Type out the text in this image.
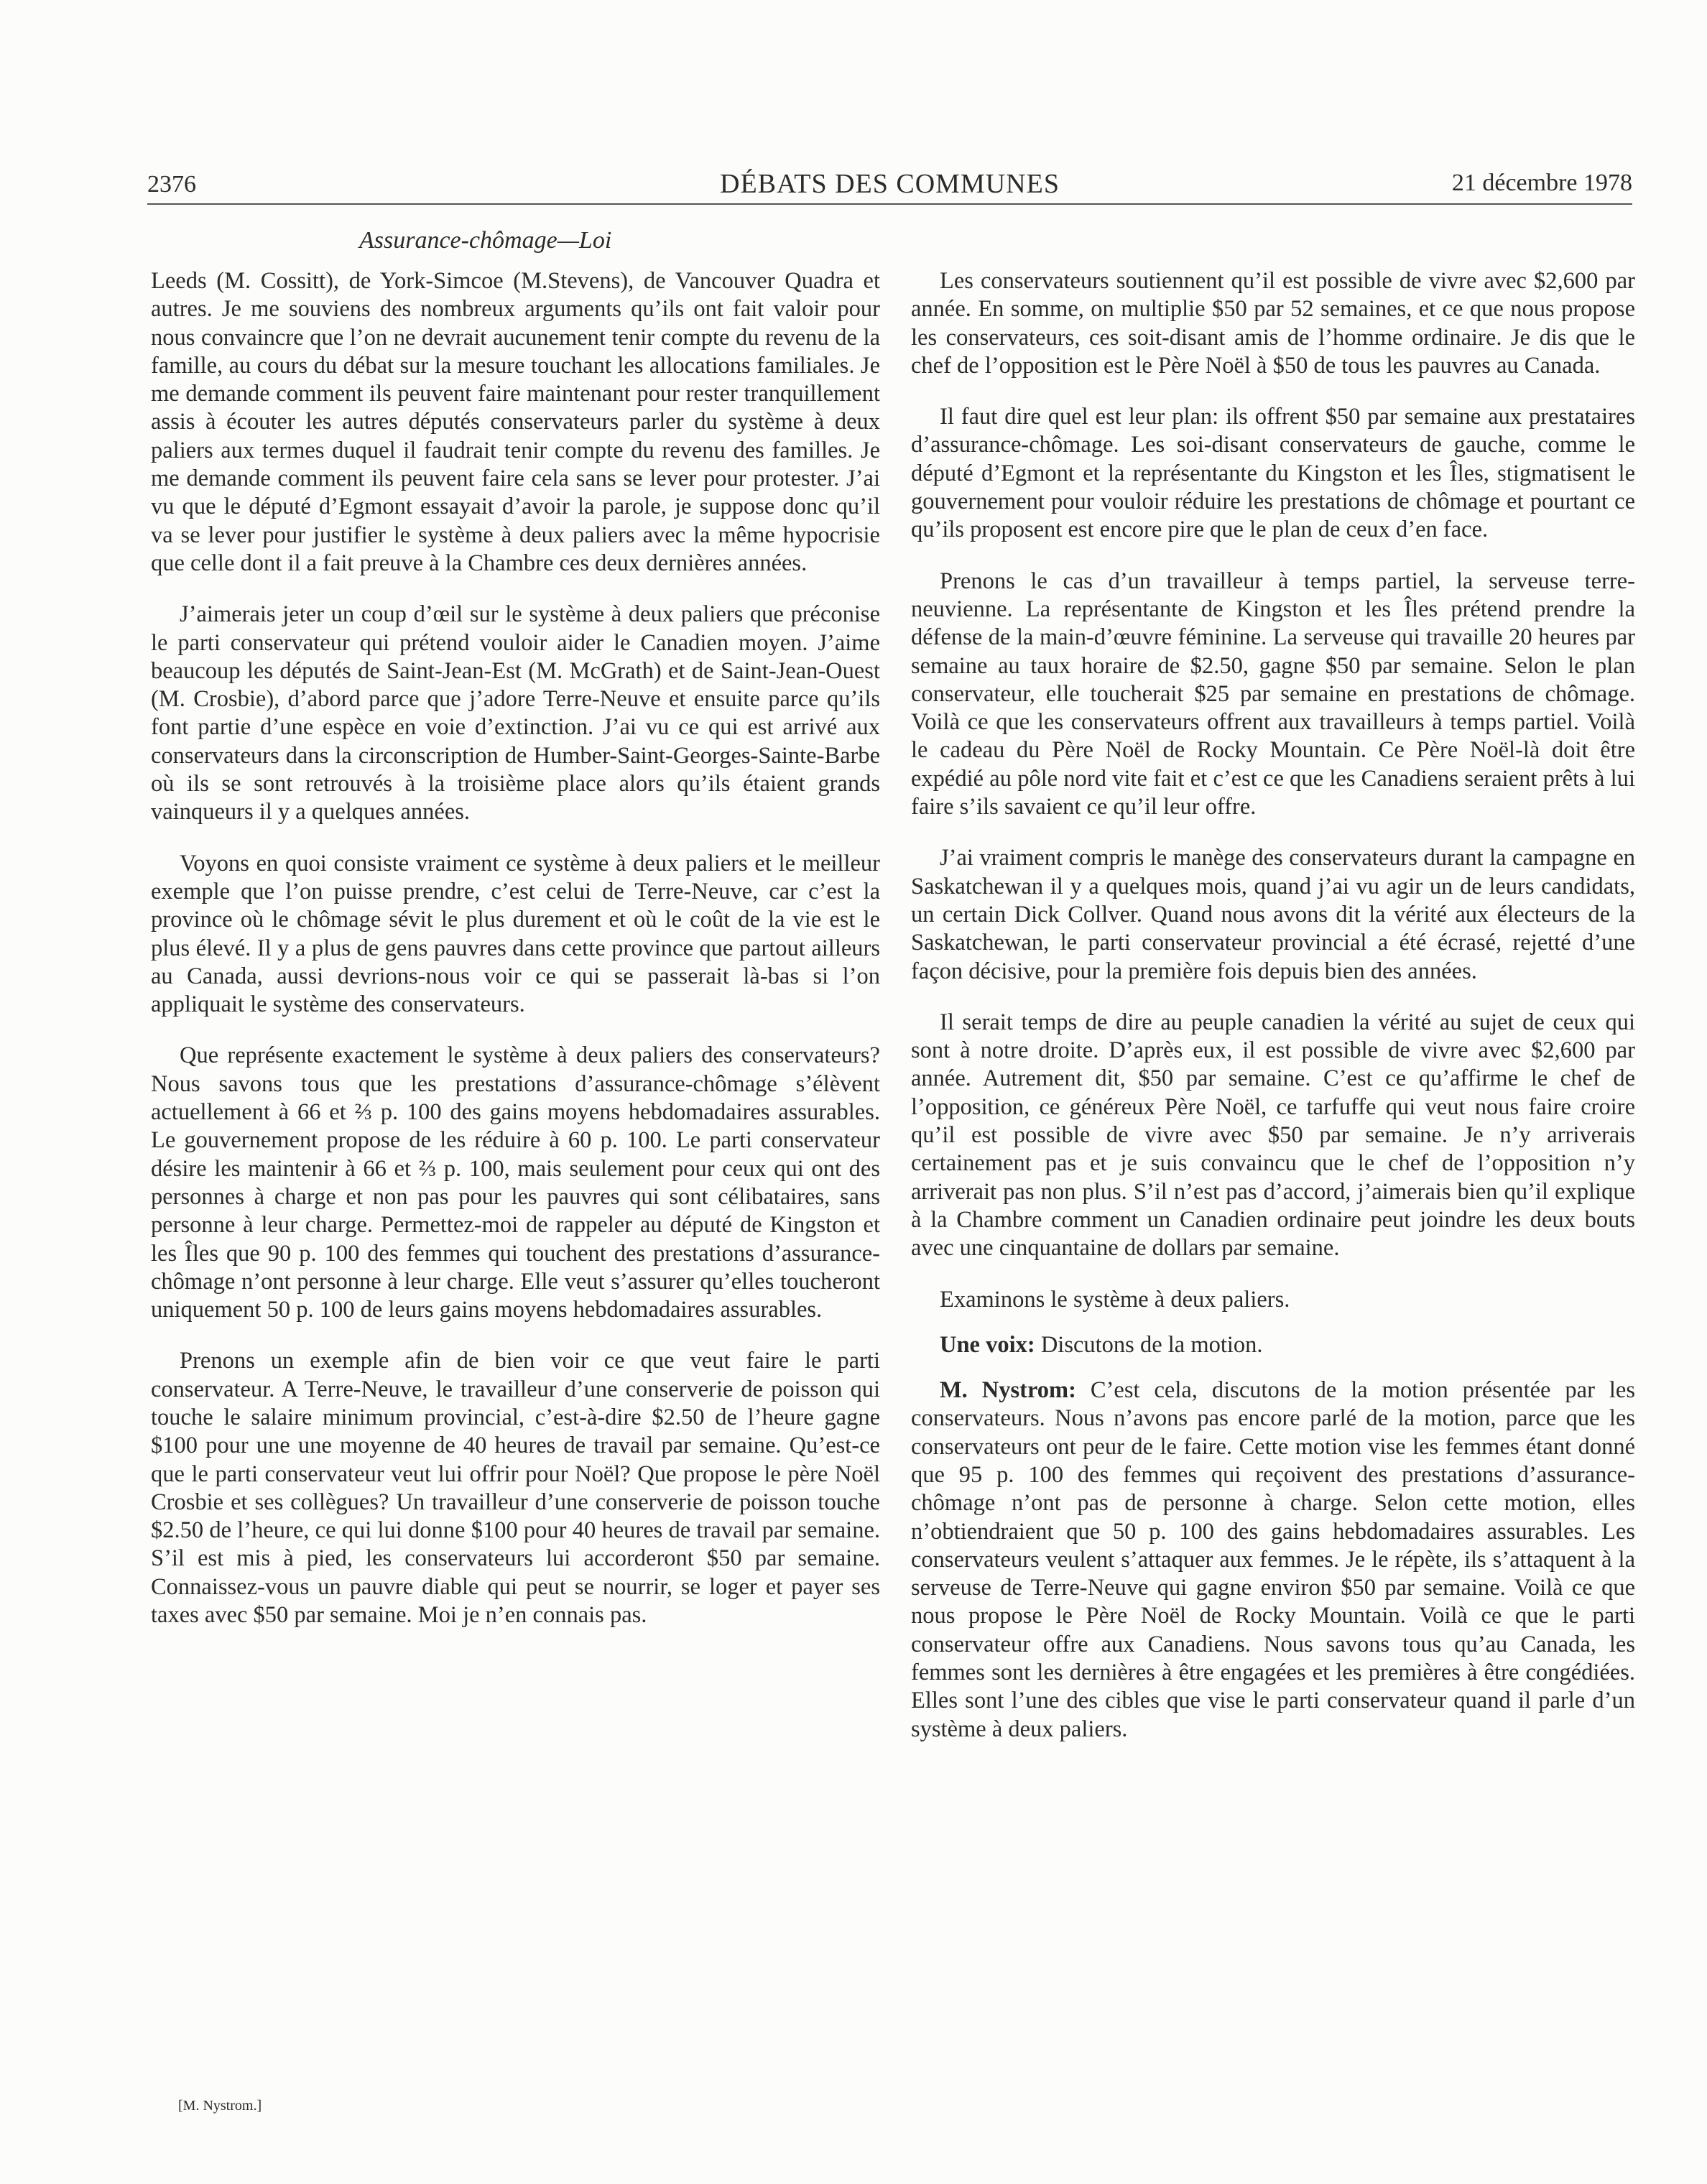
2376	DÉBATS DES COMMUNES	21 décembre 1978
Assurance-chômage—Loi

Leeds (M. Cossitt), de York-Simcoe (M.Stevens), de Vancouver Quadra et autres. Je me souviens des nombreux arguments qu’ils ont fait valoir pour nous convaincre que l’on ne devrait aucunement tenir compte du revenu de la famille, au cours du débat sur la mesure touchant les allocations familiales. Je me demande comment ils peuvent faire maintenant pour rester tranquillement assis à écouter les autres députés conservateurs parler du système à deux paliers aux termes duquel il faudrait tenir compte du revenu des familles. Je me demande comment ils peuvent faire cela sans se lever pour protester. J’ai vu que le député d’Egmont essayait d’avoir la parole, je suppose donc qu’il va se lever pour justifier le système à deux paliers avec la même hypocrisie que celle dont il a fait preuve à la Chambre ces deux dernières années.

J’aimerais jeter un coup d’œil sur le système à deux paliers que préconise le parti conservateur qui prétend vouloir aider le Canadien moyen. J’aime beaucoup les députés de Saint-Jean-Est (M. McGrath) et de Saint-Jean-Ouest (M. Crosbie), d’abord parce que j’adore Terre-Neuve et ensuite parce qu’ils font partie d’une espèce en voie d’extinction. J’ai vu ce qui est arrivé aux conservateurs dans la circonscription de Humber-Saint-Georges-Sainte-Barbe où ils se sont retrouvés à la troisième place alors qu’ils étaient grands vainqueurs il y a quelques années.

Voyons en quoi consiste vraiment ce système à deux paliers et le meilleur exemple que l’on puisse prendre, c’est celui de Terre-Neuve, car c’est la province où le chômage sévit le plus durement et où le coût de la vie est le plus élevé. Il y a plus de gens pauvres dans cette province que partout ailleurs au Canada, aussi devrions-nous voir ce qui se passerait là-bas si l’on appliquait le système des conservateurs.

Que représente exactement le système à deux paliers des conservateurs? Nous savons tous que les prestations d’assurance-chômage s’élèvent actuellement à 66 et ⅔ p. 100 des gains moyens hebdomadaires assurables. Le gouvernement propose de les réduire à 60 p. 100. Le parti conservateur désire les maintenir à 66 et ⅔ p. 100, mais seulement pour ceux qui ont des personnes à charge et non pas pour les pauvres qui sont célibataires, sans personne à leur charge. Permettez-moi de rappeler au député de Kingston et les Îles que 90 p. 100 des femmes qui touchent des prestations d’assurance-chômage n’ont personne à leur charge. Elle veut s’assurer qu’elles toucheront uniquement 50 p. 100 de leurs gains moyens hebdomadaires assurables.

Prenons un exemple afin de bien voir ce que veut faire le parti conservateur. A Terre-Neuve, le travailleur d’une conserverie de poisson qui touche le salaire minimum provincial, c’est-à-dire $2.50 de l’heure gagne $100 pour une une moyenne de 40 heures de travail par semaine. Qu’est-ce que le parti conservateur veut lui offrir pour Noël? Que propose le père Noël Crosbie et ses collègues? Un travailleur d’une conserverie de poisson touche $2.50 de l’heure, ce qui lui donne $100 pour 40 heures de travail par semaine. S’il est mis à pied, les conservateurs lui accorderont $50 par semaine. Connaissez-vous un pauvre diable qui peut se nourrir, se loger et payer ses taxes avec $50 par semaine. Moi je n’en connais pas.

[M. Nystrom.]

Les conservateurs soutiennent qu’il est possible de vivre avec $2,600 par année. En somme, on multiplie $50 par 52 semaines, et ce que nous propose les conservateurs, ces soit-disant amis de l’homme ordinaire. Je dis que le chef de l’opposition est le Père Noël à $50 de tous les pauvres au Canada.

Il faut dire quel est leur plan: ils offrent $50 par semaine aux prestataires d’assurance-chômage. Les soi-disant conservateurs de gauche, comme le député d’Egmont et la représentante du Kingston et les Îles, stigmatisent le gouvernement pour vouloir réduire les prestations de chômage et pourtant ce qu’ils proposent est encore pire que le plan de ceux d’en face.

Prenons le cas d’un travailleur à temps partiel, la serveuse terre-neuvienne. La représentante de Kingston et les Îles prétend prendre la défense de la main-d’œuvre féminine. La serveuse qui travaille 20 heures par semaine au taux horaire de $2.50, gagne $50 par semaine. Selon le plan conservateur, elle toucherait $25 par semaine en prestations de chômage. Voilà ce que les conservateurs offrent aux travailleurs à temps partiel. Voilà le cadeau du Père Noël de Rocky Mountain. Ce Père Noël-là doit être expédié au pôle nord vite fait et c’est ce que les Canadiens seraient prêts à lui faire s’ils savaient ce qu’il leur offre.

J’ai vraiment compris le manège des conservateurs durant la campagne en Saskatchewan il y a quelques mois, quand j’ai vu agir un de leurs candidats, un certain Dick Collver. Quand nous avons dit la vérité aux électeurs de la Saskatchewan, le parti conservateur provincial a été écrasé, rejetté d’une façon décisive, pour la première fois depuis bien des années.

Il serait temps de dire au peuple canadien la vérité au sujet de ceux qui sont à notre droite. D’après eux, il est possible de vivre avec $2,600 par année. Autrement dit, $50 par semaine. C’est ce qu’affirme le chef de l’opposition, ce généreux Père Noël, ce tarfuffe qui veut nous faire croire qu’il est possible de vivre avec $50 par semaine. Je n’y arriverais certainement pas et je suis convaincu que le chef de l’opposition n’y arriverait pas non plus. S’il n’est pas d’accord, j’aimerais bien qu’il explique à la Chambre comment un Canadien ordinaire peut joindre les deux bouts avec une cinquantaine de dollars par semaine.

Examinons le système à deux paliers.

Une voix: Discutons de la motion.

M. Nystrom: C’est cela, discutons de la motion présentée par les conservateurs. Nous n’avons pas encore parlé de la motion, parce que les conservateurs ont peur de le faire. Cette motion vise les femmes étant donné que 95 p. 100 des femmes qui reçoivent des prestations d’assurance-chômage n’ont pas de personne à charge. Selon cette motion, elles n’obtiendraient que 50 p. 100 des gains hebdomadaires assurables. Les conservateurs veulent s’attaquer aux femmes. Je le répète, ils s’attaquent à la serveuse de Terre-Neuve qui gagne environ $50 par semaine. Voilà ce que nous propose le Père Noël de Rocky Mountain. Voilà ce que le parti conservateur offre aux Canadiens. Nous savons tous qu’au Canada, les femmes sont les dernières à être engagées et les premières à être congédiées. Elles sont l’une des cibles que vise le parti conservateur quand il parle d’un système à deux paliers.
